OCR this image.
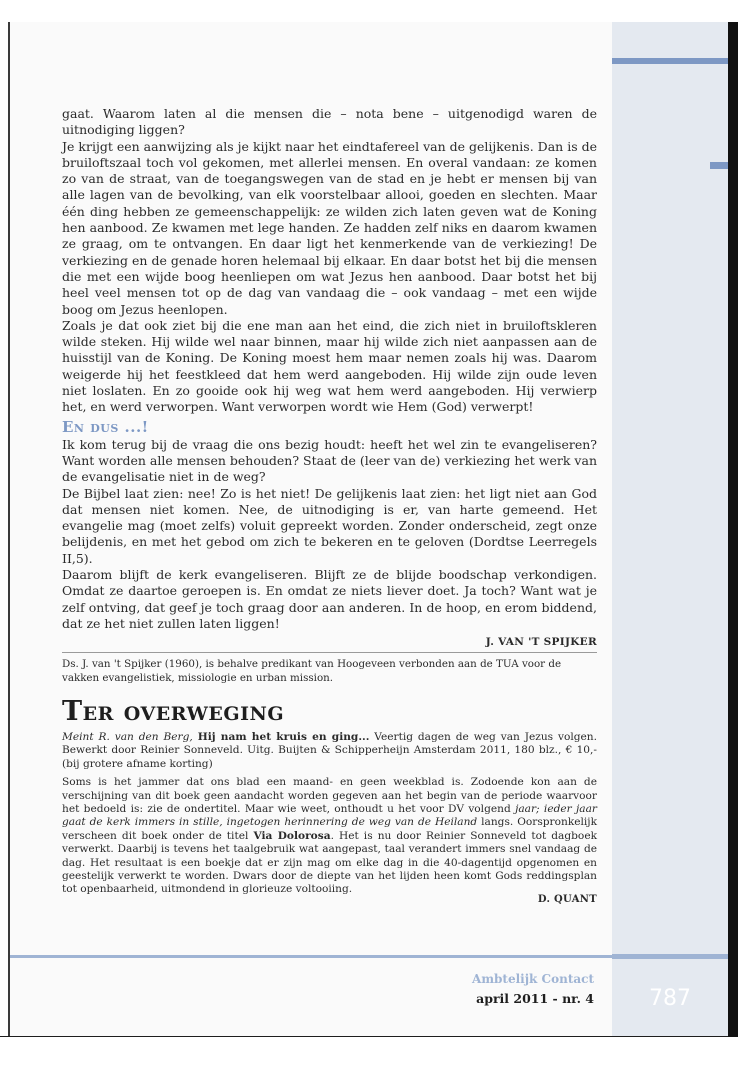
gaat. Waarom laten al die mensen die – nota bene – uitgenodigd waren de uitnodiging liggen?

Je krijgt een aanwijzing als je kijkt naar het eindtafereel van de gelijkenis. Dan is de bruiloftszaal toch vol gekomen, met allerlei mensen. En overal vandaan: ze komen zo van de straat, van de toegangswegen van de stad en je hebt er mensen bij van alle lagen van de bevolking, van elk voorstelbaar allooi, goeden en slechten. Maar één ding hebben ze gemeenschappelijk: ze wilden zich laten geven wat de Koning hen aanbood. Ze kwamen met lege handen. Ze hadden zelf niks en daarom kwamen ze graag, om te ontvangen. En daar ligt het kenmerkende van de verkiezing! De verkiezing en de genade horen helemaal bij elkaar. En daar botst het bij die mensen die met een wijde boog heenliepen om wat Jezus hen aanbood. Daar botst het bij heel veel mensen tot op de dag van vandaag die – ook vandaag – met een wijde boog om Jezus heenlopen.

Zoals je dat ook ziet bij die ene man aan het eind, die zich niet in bruiloftskleren wilde steken. Hij wilde wel naar binnen, maar hij wilde zich niet aanpassen aan de huisstijl van de Koning. De Koning moest hem maar nemen zoals hij was. Daarom weigerde hij het feestkleed dat hem werd aangeboden. Hij wilde zijn oude leven niet loslaten. En zo gooide ook hij weg wat hem werd aangeboden. Hij verwierp het, en werd verworpen. Want verworpen wordt wie Hem (God) verwerpt!

En dus ...!

Ik kom terug bij de vraag die ons bezig houdt: heeft het wel zin te evangeliseren? Want worden alle mensen behouden? Staat de (leer van de) verkiezing het werk van de evangelisatie niet in de weg?

De Bijbel laat zien: nee! Zo is het niet! De gelijkenis laat zien: het ligt niet aan God dat mensen niet komen. Nee, de uitnodiging is er, van harte gemeend. Het evangelie mag (moet zelfs) voluit gepreekt worden. Zonder onderscheid, zegt onze belijdenis, en met het gebod om zich te bekeren en te geloven (Dordtse Leerregels II,5).

Daarom blijft de kerk evangeliseren. Blijft ze de blijde boodschap verkondigen. Omdat ze daartoe geroepen is. En omdat ze niets liever doet. Ja toch? Want wat je zelf ontving, dat geef je toch graag door aan anderen. In de hoop, en erom biddend, dat ze het niet zullen laten liggen!

J. VAN 'T SPIJKER

Ds. J. van 't Spijker (1960), is behalve predikant van Hoogeveen verbonden aan de TUA voor de vakken evangelistiek, missiologie en urban mission.

Ter overweging

Meint R. van den Berg, Hij nam het kruis en ging... Veertig dagen de weg van Jezus volgen. Bewerkt door Reinier Sonneveld. Uitg. Buijten & Schipperheijn Amsterdam 2011, 180 blz., € 10,- (bij grotere afname korting)

Soms is het jammer dat ons blad een maand- en geen weekblad is. Zodoende kon aan de verschijning van dit boek geen aandacht worden gegeven aan het begin van de periode waarvoor het bedoeld is: zie de ondertitel. Maar wie weet, onthoudt u het voor DV volgend jaar; ieder jaar gaat de kerk immers in stille, ingetogen herinnering de weg van de Heiland langs. Oorspronkelijk verscheen dit boek onder de titel Via Dolorosa. Het is nu door Reinier Sonneveld tot dagboek verwerkt. Daarbij is tevens het taalgebruik wat aangepast, taal verandert immers snel vandaag de dag. Het resultaat is een boekje dat er zijn mag om elke dag in die 40-dagentijd opgenomen en geestelijk verwerkt te worden. Dwars door de diepte van het lijden heen komt Gods reddingsplan tot openbaarheid, uitmondend in glorieuze voltooiing.

D. QUANT
Ambtelijk Contact
april 2011 - nr. 4	787
